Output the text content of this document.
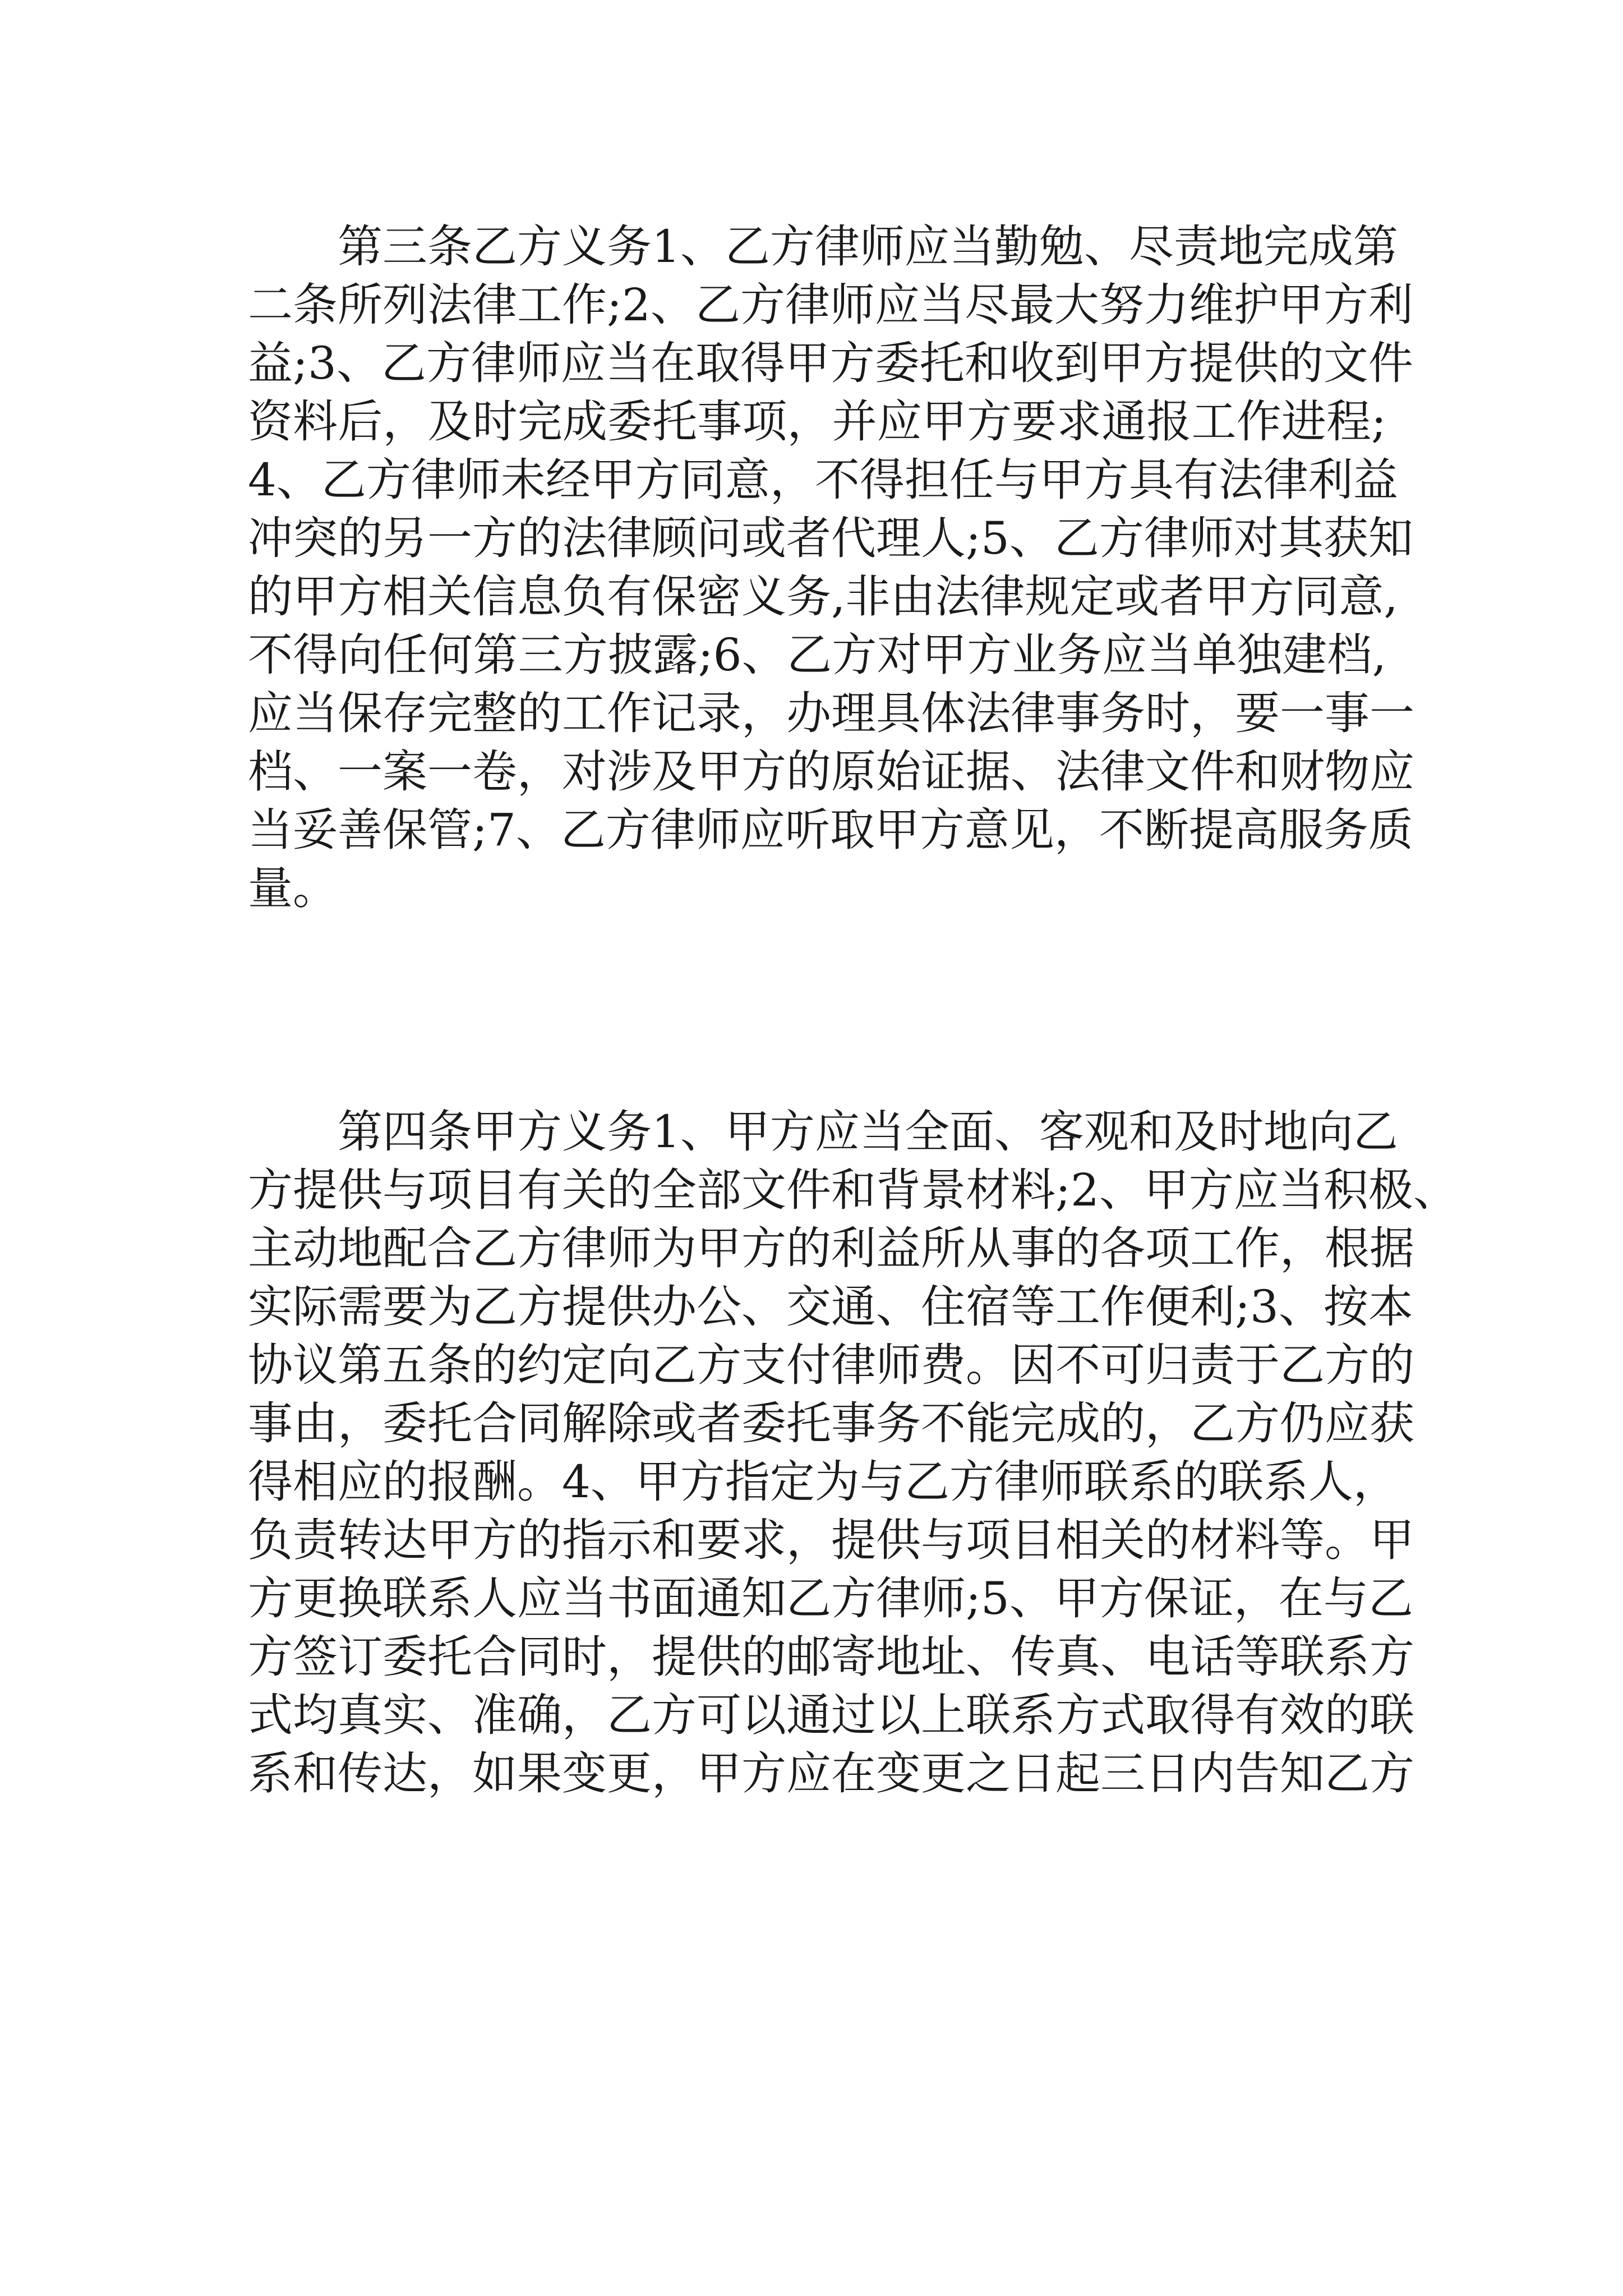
第三条乙方义务1、乙方律师应当勤勉、尽责地完成第
二条所列法律工作;2、乙方律师应当尽最大努力维护甲方利
益;3、乙方律师应当在取得甲方委托和收到甲方提供的文件
资料后，及时完成委托事项，并应甲方要求通报工作进程;
4、乙方律师未经甲方同意，不得担任与甲方具有法律利益
冲突的另一方的法律顾问或者代理人;5、乙方律师对其获知
的甲方相关信息负有保密义务,非由法律规定或者甲方同意,
不得向任何第三方披露;6、乙方对甲方业务应当单独建档,
应当保存完整的工作记录，办理具体法律事务时，要一事一
档、一案一卷，对涉及甲方的原始证据、法律文件和财物应
当妥善保管;7、乙方律师应听取甲方意见，不断提高服务质
量。
第四条甲方义务1、甲方应当全面、客观和及时地向乙
方提供与项目有关的全部文件和背景材料;2、甲方应当积极、
主动地配合乙方律师为甲方的利益所从事的各项工作，根据
实际需要为乙方提供办公、交通、住宿等工作便利;3、按本
协议第五条的约定向乙方支付律师费。因不可归责于乙方的
事由，委托合同解除或者委托事务不能完成的，乙方仍应获
得相应的报酬。4、甲方指定为与乙方律师联系的联系人，
负责转达甲方的指示和要求，提供与项目相关的材料等。甲
方更换联系人应当书面通知乙方律师;5、甲方保证，在与乙
方签订委托合同时，提供的邮寄地址、传真、电话等联系方
式均真实、准确，乙方可以通过以上联系方式取得有效的联
系和传达，如果变更，甲方应在变更之日起三日内告知乙方
